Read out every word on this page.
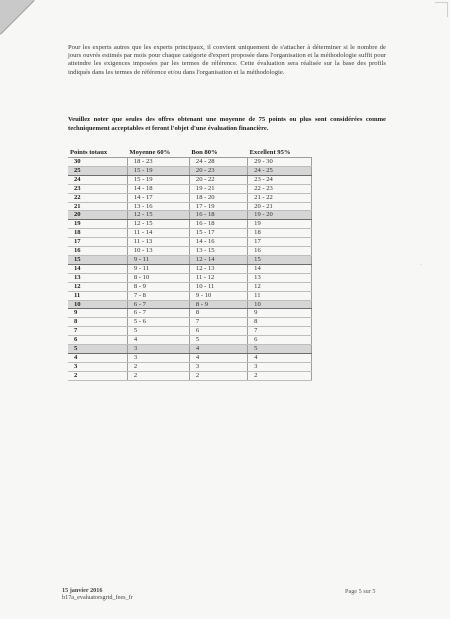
Pour les experts autres que les experts principaux, il convient uniquement de s'attacher à déterminer si le nombre de jours ouvrés estimés par mois pour chaque catégorie d'expert proposée dans l'organisation et la méthodologie suffit pour atteindre les exigences imposées par les termes de référence. Cette évaluation sera réalisée sur la base des profils indiqués dans les termes de référence et/ou dans l'organisation et la méthodologie.
Veuillez noter que seules des offres obtenant une moyenne de 75 points ou plus sont considérées comme techniquement acceptables et feront l'objet d'une évaluation financière.
Points totaux	Moyenne 60%	Bon 80%	Excellent 95%
30	18 - 23	24 - 28	29 - 30
25	15 - 19	20 - 23	24 - 25
24	15 - 19	20 - 22	23 - 24
23	14 - 18	19 - 21	22 - 23
22	14 - 17	18 - 20	21 - 22
21	13 - 16	17 - 19	20 - 21
20	12 - 15	16 - 18	19 - 20
19	12 - 15	16 - 18	19
18	11 - 14	15 - 17	18
17	11 - 13	14 - 16	17
16	10 - 13	13 - 15	16
15	9 - 11	12 - 14	15
14	9 - 11	12 - 13	14
13	8 - 10	11 - 12	13
12	8 - 9	10 - 11	12
11	7 - 8	9 - 10	11
10	6 - 7	8 - 9	10
9	6 - 7	8	9
8	5 - 6	7	8
7	5	6	7
6	4	5	6
5	3	4	5
4	3	4	4
3	2	3	3
2	2	2	2
·
15 janvier 2016
b17a_evaluatorsgrid_fees_fr
Page 5 sur 5
